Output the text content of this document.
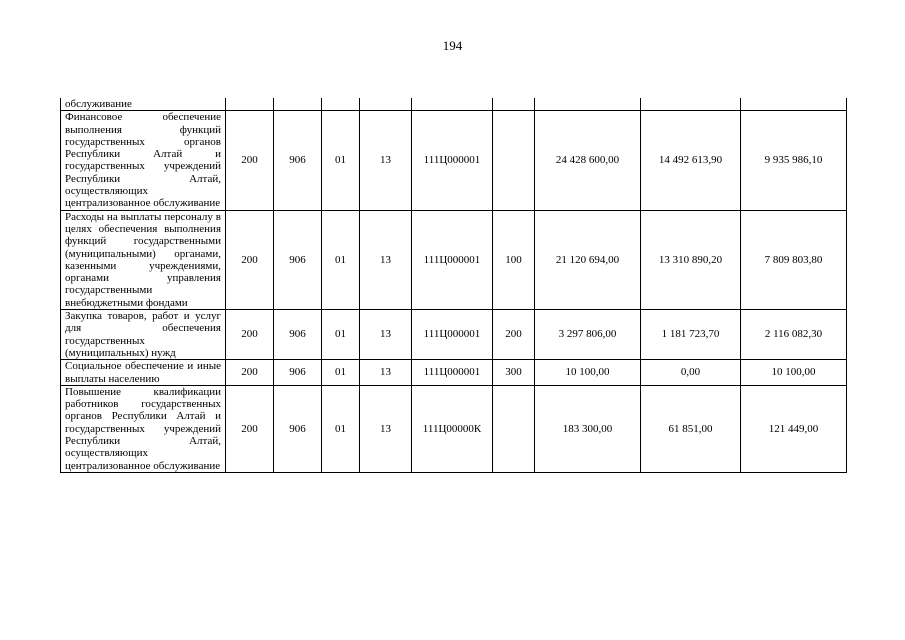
194
обслуживание									
Финансовое обеспечение выполнения функций государственных органов Республики Алтай и государственных учреждений Республики Алтай, осуществляющих централизованное обслуживание	200	906	01	13	111Ц000001		24 428 600,00	14 492 613,90	9 935 986,10
Расходы на выплаты персоналу в целях обеспечения выполнения функций государственными (муниципальными) органами, казенными учреждениями, органами управления государственными внебюджетными фондами	200	906	01	13	111Ц000001	100	21 120 694,00	13 310 890,20	7 809 803,80
Закупка товаров, работ и услуг для обеспечения государственных (муниципальных) нужд	200	906	01	13	111Ц000001	200	3 297 806,00	1 181 723,70	2 116 082,30
Социальное обеспечение и иные выплаты населению	200	906	01	13	111Ц000001	300	10 100,00	0,00	10 100,00
Повышение квалификации работников государственных органов Республики Алтай и государственных учреждений Республики Алтай, осуществляющих централизованное обслуживание	200	906	01	13	111Ц00000К		183 300,00	61 851,00	121 449,00
